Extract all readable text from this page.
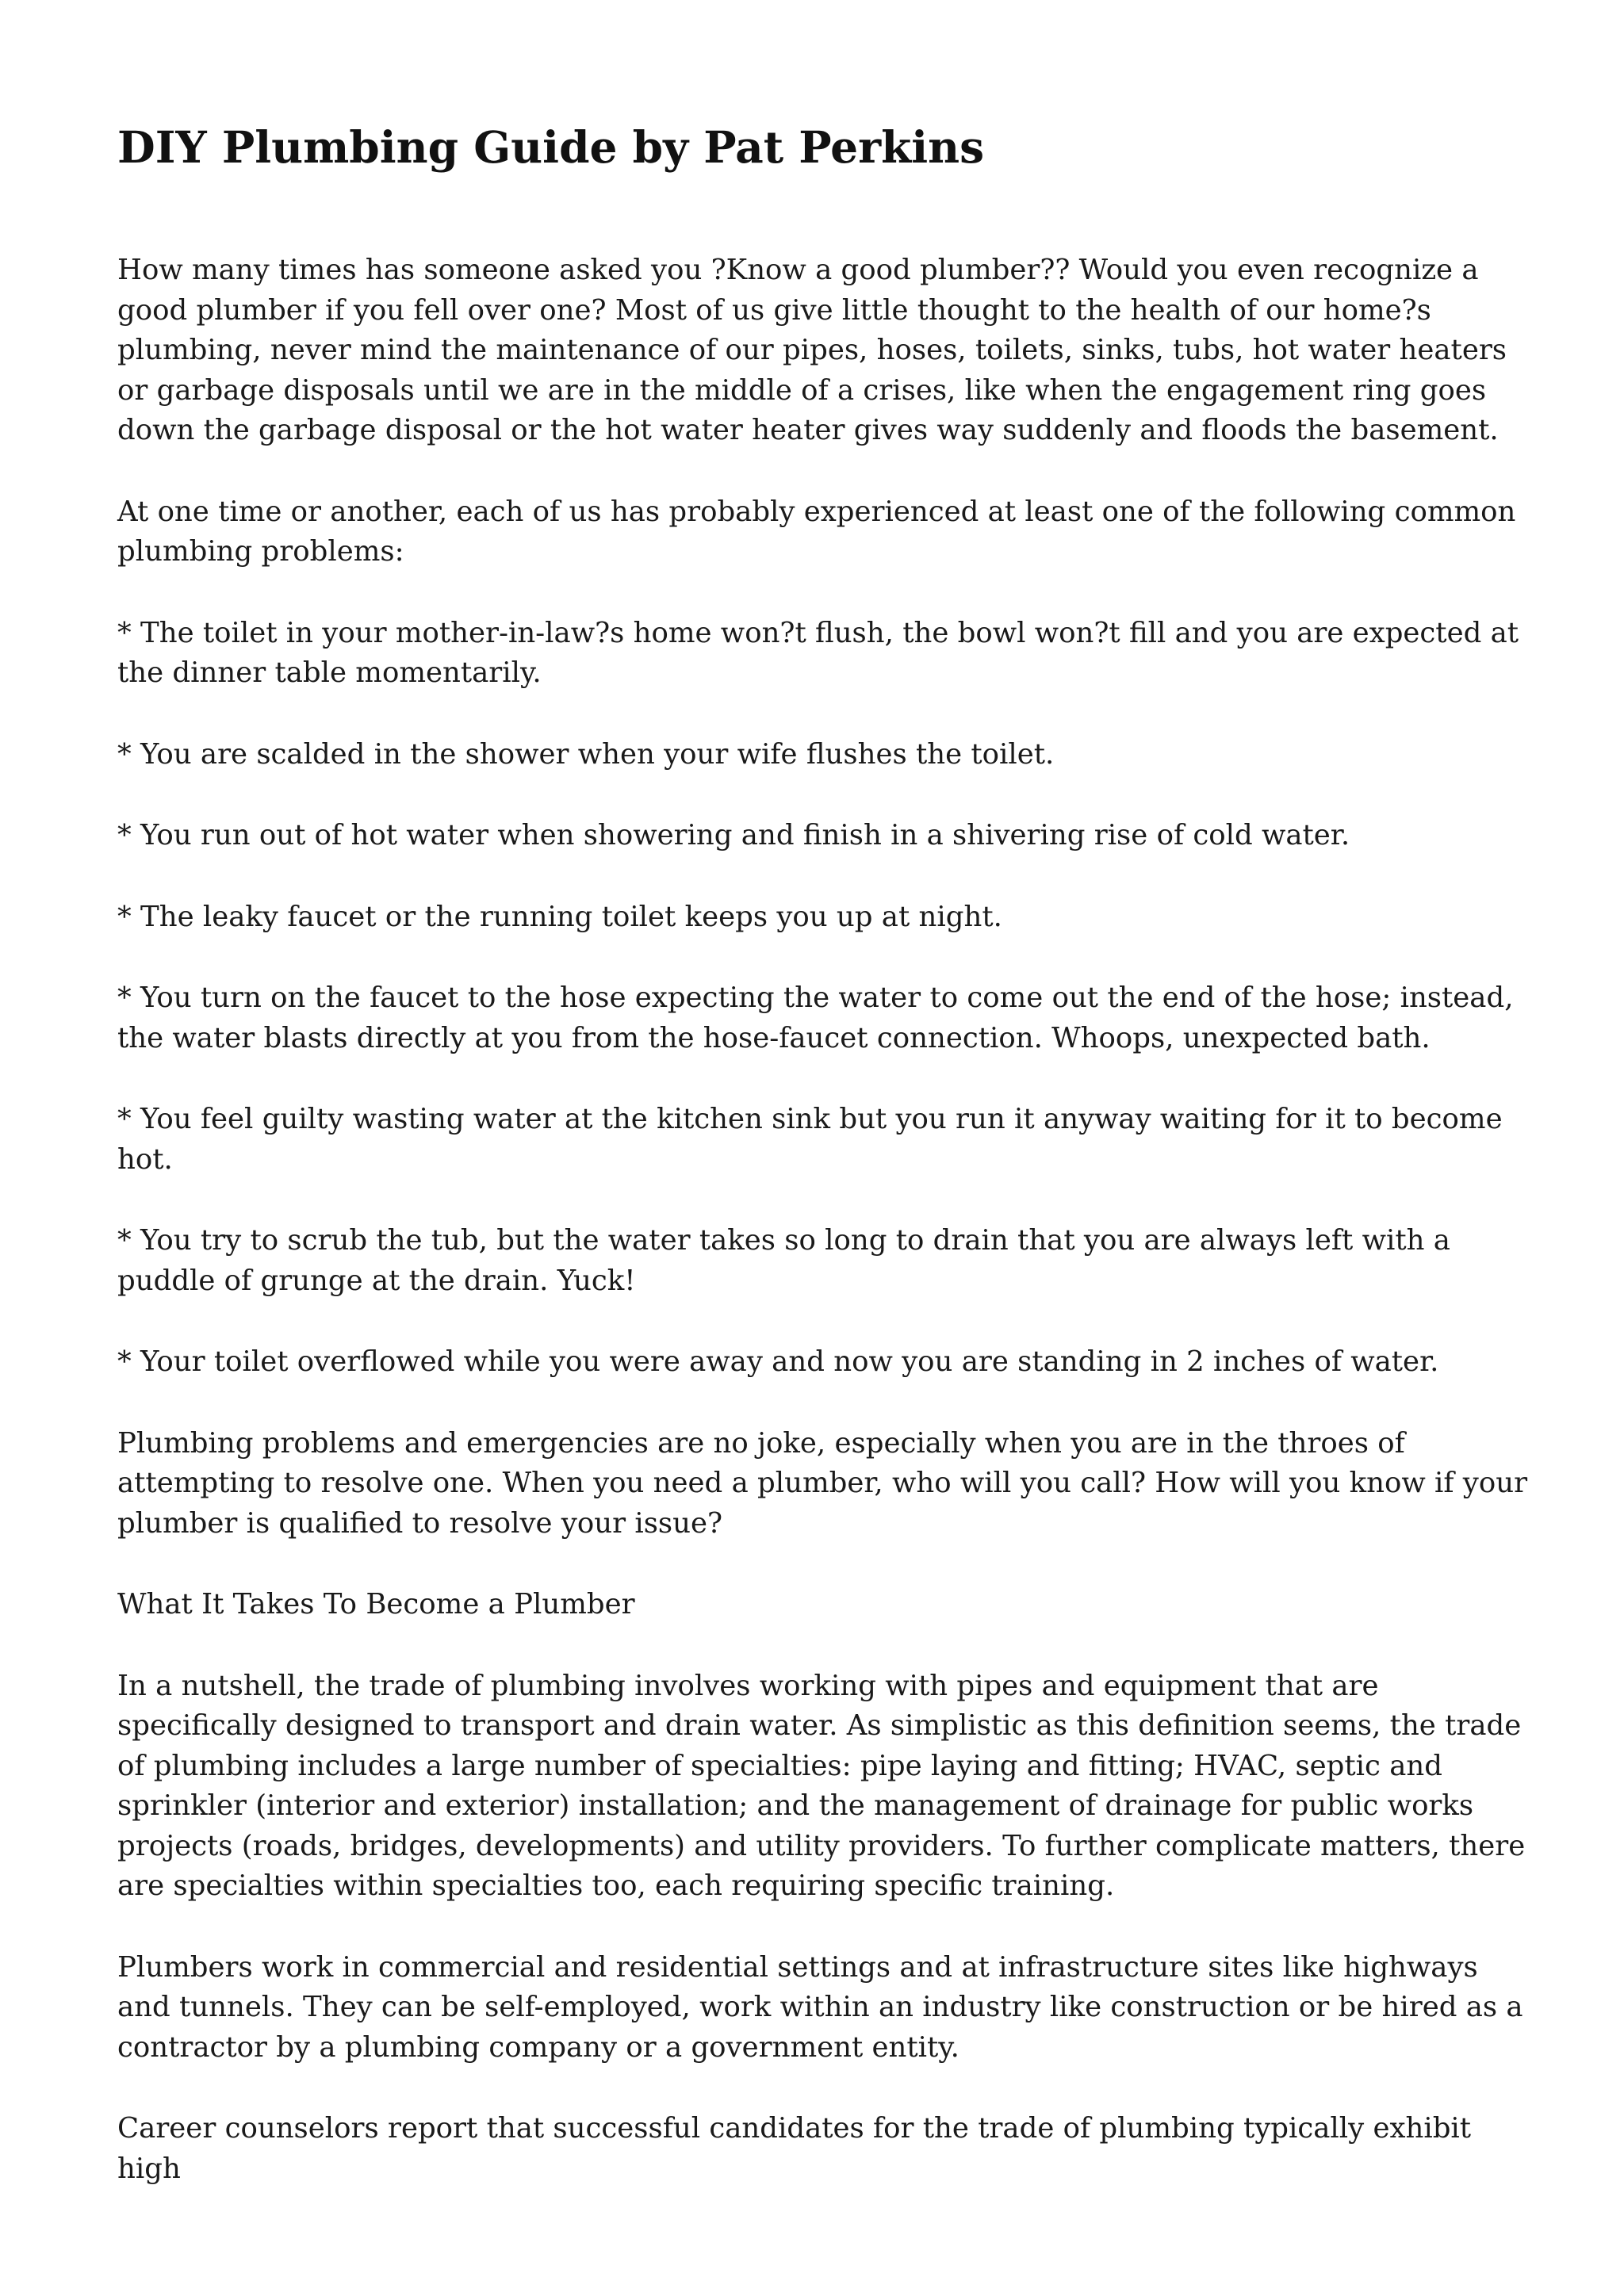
DIY Plumbing Guide by Pat Perkins

How many times has someone asked you ?Know a good plumber?? Would you even recognize a good plumber if you fell over one? Most of us give little thought to the health of our home?s plumbing, never mind the maintenance of our pipes, hoses, toilets, sinks, tubs, hot water heaters or garbage disposals until we are in the middle of a crises, like when the engagement ring goes down the garbage disposal or the hot water heater gives way suddenly and floods the basement.

At one time or another, each of us has probably experienced at least one of the following common plumbing problems:

* The toilet in your mother-in-law?s home won?t flush, the bowl won?t fill and you are expected at the dinner table momentarily.

* You are scalded in the shower when your wife flushes the toilet.

* You run out of hot water when showering and finish in a shivering rise of cold water.

* The leaky faucet or the running toilet keeps you up at night.

* You turn on the faucet to the hose expecting the water to come out the end of the hose; instead, the water blasts directly at you from the hose-faucet connection. Whoops, unexpected bath.

* You feel guilty wasting water at the kitchen sink but you run it anyway waiting for it to become hot.

* You try to scrub the tub, but the water takes so long to drain that you are always left with a puddle of grunge at the drain. Yuck!

* Your toilet overflowed while you were away and now you are standing in 2 inches of water.

Plumbing problems and emergencies are no joke, especially when you are in the throes of attempting to resolve one. When you need a plumber, who will you call? How will you know if your plumber is qualified to resolve your issue?

What It Takes To Become a Plumber

In a nutshell, the trade of plumbing involves working with pipes and equipment that are specifically designed to transport and drain water. As simplistic as this definition seems, the trade of plumbing includes a large number of specialties: pipe laying and fitting; HVAC, septic and sprinkler (interior and exterior) installation; and the management of drainage for public works projects (roads, bridges, developments) and utility providers. To further complicate matters, there are specialties within specialties too, each requiring specific training.

Plumbers work in commercial and residential settings and at infrastructure sites like highways and tunnels. They can be self-employed, work within an industry like construction or be hired as a contractor by a plumbing company or a government entity.

Career counselors report that successful candidates for the trade of plumbing typically exhibit high
